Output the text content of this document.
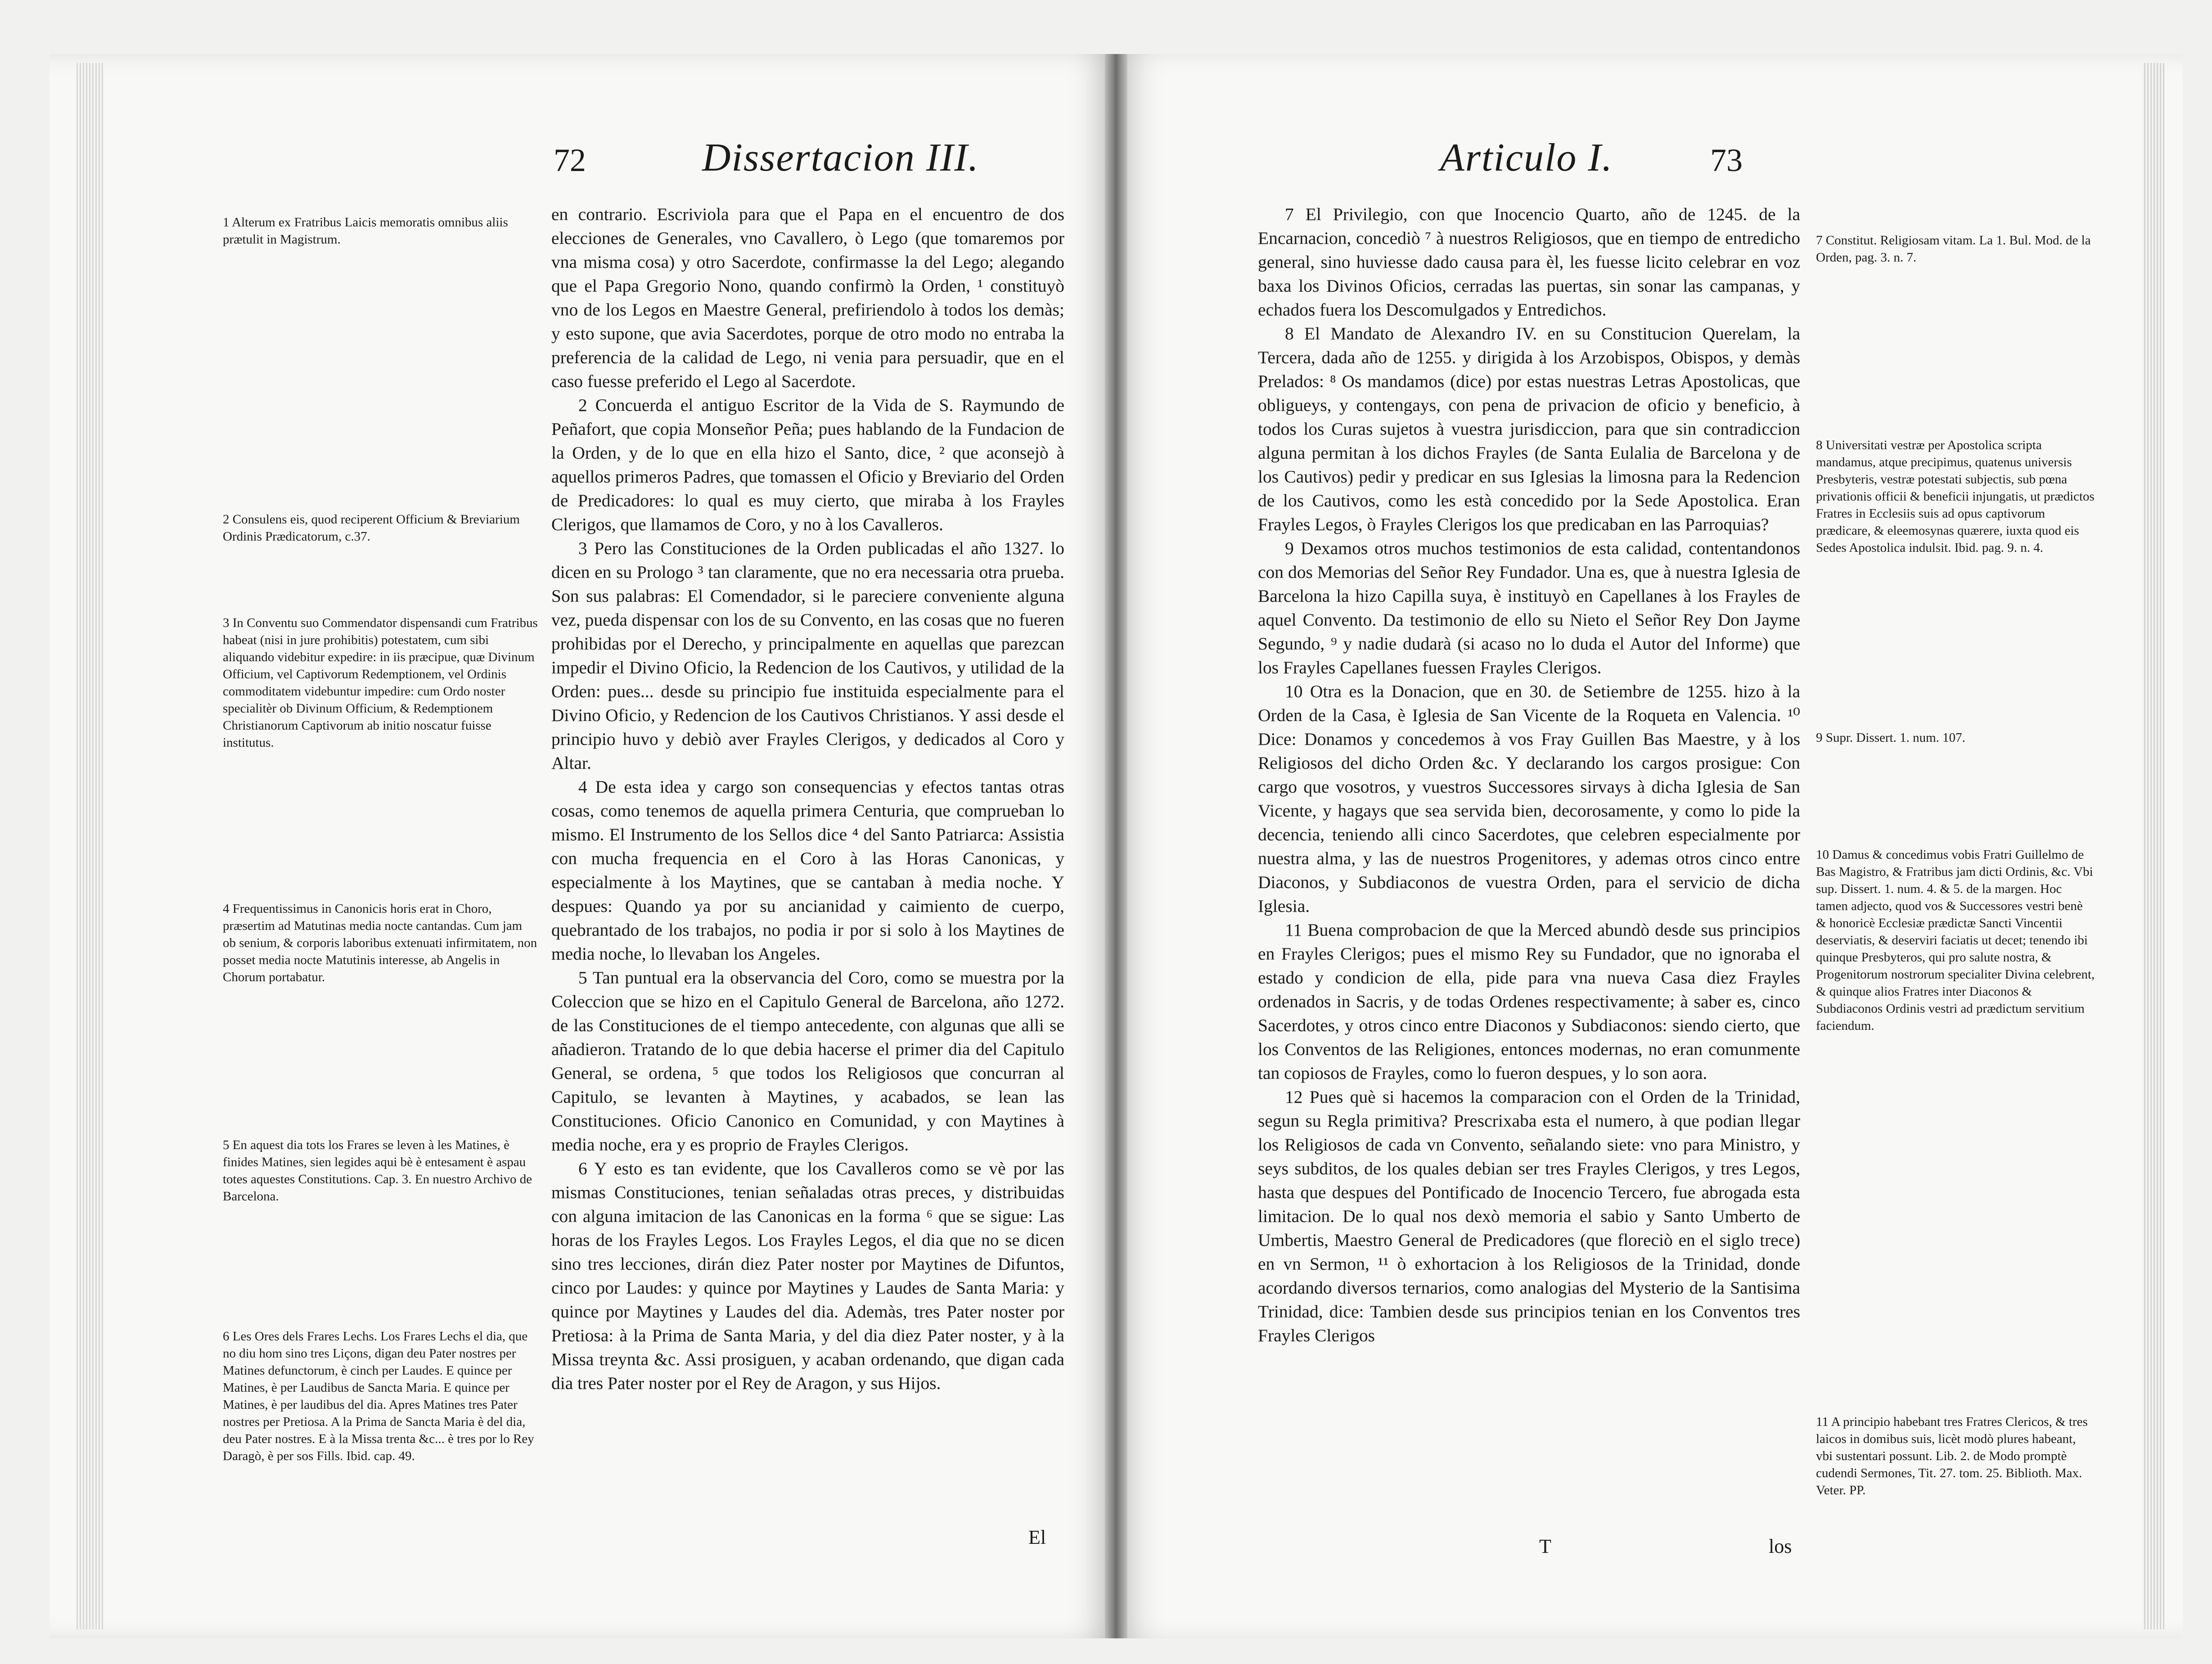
72	Dissertacion III.

en contrario. Escriviola para que el Papa en el encuentro de dos elecciones de Generales, vno Cavallero, ò Lego (que tomaremos por vna misma cosa) y otro Sacerdote, confirmasse la del Lego; alegando que el Papa Gregorio Nono, quando confirmò la Orden, ¹ constituyò vno de los Legos en Maestre General, prefiriendolo à todos los demàs; y esto supone, que avia Sacerdotes, porque de otro modo no entraba la preferencia de la calidad de Lego, ni venia para persuadir, que en el caso fuesse preferido el Lego al Sacerdote.

2 Concuerda el antiguo Escritor de la Vida de S. Raymundo de Peñafort, que copia Monseñor Peña; pues hablando de la Fundacion de la Orden, y de lo que en ella hizo el Santo, dice, ² que aconsejò à aquellos primeros Padres, que tomassen el Oficio y Breviario del Orden de Predicadores: lo qual es muy cierto, que miraba à los Frayles Clerigos, que llamamos de Coro, y no à los Cavalleros.

3 Pero las Constituciones de la Orden publicadas el año 1327. lo dicen en su Prologo ³ tan claramente, que no era necessaria otra prueba. Son sus palabras: El Comendador, si le pareciere conveniente alguna vez, pueda dispensar con los de su Convento, en las cosas que no fueren prohibidas por el Derecho, y principalmente en aquellas que parezcan impedir el Divino Oficio, la Redencion de los Cautivos, y utilidad de la Orden: pues... desde su principio fue instituida especialmente para el Divino Oficio, y Redencion de los Cautivos Christianos. Y assi desde el principio huvo y debiò aver Frayles Clerigos, y dedicados al Coro y Altar.

4 De esta idea y cargo son consequencias y efectos tantas otras cosas, como tenemos de aquella primera Centuria, que comprueban lo mismo. El Instrumento de los Sellos dice ⁴ del Santo Patriarca: Assistia con mucha frequencia en el Coro à las Horas Canonicas, y especialmente à los Maytines, que se cantaban à media noche. Y despues: Quando ya por su ancianidad y caimiento de cuerpo, quebrantado de los trabajos, no podia ir por si solo à los Maytines de media noche, lo llevaban los Angeles.

5 Tan puntual era la observancia del Coro, como se muestra por la Coleccion que se hizo en el Capitulo General de Barcelona, año 1272. de las Constituciones de el tiempo antecedente, con algunas que alli se añadieron. Tratando de lo que debia hacerse el primer dia del Capitulo General, se ordena, ⁵ que todos los Religiosos que concurran al Capitulo, se levanten à Maytines, y acabados, se lean las Constituciones. Oficio Canonico en Comunidad, y con Maytines à media noche, era y es proprio de Frayles Clerigos.

6 Y esto es tan evidente, que los Cavalleros como se vè por las mismas Constituciones, tenian señaladas otras preces, y distribuidas con alguna imitacion de las Canonicas en la forma ⁶ que se sigue: Las horas de los Frayles Legos. Los Frayles Legos, el dia que no se dicen sino tres lecciones, dirán diez Pater noster por Maytines de Difuntos, cinco por Laudes: y quince por Maytines y Laudes de Santa Maria: y quince por Maytines y Laudes del dia. Ademàs, tres Pater noster por Pretiosa: à la Prima de Santa Maria, y del dia diez Pater noster, y à la Missa treynta &c. Assi prosiguen, y acaban ordenando, que digan cada dia tres Pater noster por el Rey de Aragon, y sus Hijos.

El

1 Alterum ex Fratribus Laicis memoratis omnibus aliis prætulit in Magistrum.

2 Consulens eis, quod reciperent Officium & Breviarium Ordinis Prædicatorum, c.37.

3 In Conventu suo Commendator dispensandi cum Fratribus habeat (nisi in jure prohibitis) potestatem, cum sibi aliquando videbitur expedire: in iis præcipue, quæ Divinum Officium, vel Captivorum Redemptionem, vel Ordinis commoditatem videbuntur impedire: cum Ordo noster specialitèr ob Divinum Officium, & Redemptionem Christianorum Captivorum ab initio noscatur fuisse institutus.

4 Frequentissimus in Canonicis horis erat in Choro, præsertim ad Matutinas media nocte cantandas. Cum jam ob senium, & corporis laboribus extenuati infirmitatem, non posset media nocte Matutinis interesse, ab Angelis in Chorum portabatur.

5 En aquest dia tots los Frares se leven à les Matines, è finides Matines, sien legides aqui bè è entesament è aspau totes aquestes Constitutions. Cap. 3. En nuestro Archivo de Barcelona.

6 Les Ores dels Frares Lechs. Los Frares Lechs el dia, que no diu hom sino tres Liçons, digan deu Pater nostres per Matines defunctorum, è cinch per Laudes. E quince per Matines, è per Laudibus de Sancta Maria. E quince per Matines, è per laudibus del dia. Apres Matines tres Pater nostres per Pretiosa. A la Prima de Sancta Maria è del dia, deu Pater nostres. E à la Missa trenta &c... è tres por lo Rey Daragò, è per sos Fills. Ibid. cap. 49.

Articulo I.	73

7 El Privilegio, con que Inocencio Quarto, año de 1245. de la Encarnacion, concediò ⁷ à nuestros Religiosos, que en tiempo de entredicho general, sino huviesse dado causa para èl, les fuesse licito celebrar en voz baxa los Divinos Oficios, cerradas las puertas, sin sonar las campanas, y echados fuera los Descomulgados y Entredichos.

8 El Mandato de Alexandro IV. en su Constitucion Querelam, la Tercera, dada año de 1255. y dirigida à los Arzobispos, Obispos, y demàs Prelados: ⁸ Os mandamos (dice) por estas nuestras Letras Apostolicas, que obligueys, y contengays, con pena de privacion de oficio y beneficio, à todos los Curas sujetos à vuestra jurisdiccion, para que sin contradiccion alguna permitan à los dichos Frayles (de Santa Eulalia de Barcelona y de los Cautivos) pedir y predicar en sus Iglesias la limosna para la Redencion de los Cautivos, como les està concedido por la Sede Apostolica. Eran Frayles Legos, ò Frayles Clerigos los que predicaban en las Parroquias?

9 Dexamos otros muchos testimonios de esta calidad, contentandonos con dos Memorias del Señor Rey Fundador. Una es, que à nuestra Iglesia de Barcelona la hizo Capilla suya, è instituyò en Capellanes à los Frayles de aquel Convento. Da testimonio de ello su Nieto el Señor Rey Don Jayme Segundo, ⁹ y nadie dudarà (si acaso no lo duda el Autor del Informe) que los Frayles Capellanes fuessen Frayles Clerigos.

10 Otra es la Donacion, que en 30. de Setiembre de 1255. hizo à la Orden de la Casa, è Iglesia de San Vicente de la Roqueta en Valencia. ¹⁰ Dice: Donamos y concedemos à vos Fray Guillen Bas Maestre, y à los Religiosos del dicho Orden &c. Y declarando los cargos prosigue: Con cargo que vosotros, y vuestros Successores sirvays à dicha Iglesia de San Vicente, y hagays que sea servida bien, decorosamente, y como lo pide la decencia, teniendo alli cinco Sacerdotes, que celebren especialmente por nuestra alma, y las de nuestros Progenitores, y ademas otros cinco entre Diaconos, y Subdiaconos de vuestra Orden, para el servicio de dicha Iglesia.

11 Buena comprobacion de que la Merced abundò desde sus principios en Frayles Clerigos; pues el mismo Rey su Fundador, que no ignoraba el estado y condicion de ella, pide para vna nueva Casa diez Frayles ordenados in Sacris, y de todas Ordenes respectivamente; à saber es, cinco Sacerdotes, y otros cinco entre Diaconos y Subdiaconos: siendo cierto, que los Conventos de las Religiones, entonces modernas, no eran comunmente tan copiosos de Frayles, como lo fueron despues, y lo son aora.

12 Pues què si hacemos la comparacion con el Orden de la Trinidad, segun su Regla primitiva? Prescrixaba esta el numero, à que podian llegar los Religiosos de cada vn Convento, señalando siete: vno para Ministro, y seys subditos, de los quales debian ser tres Frayles Clerigos, y tres Legos, hasta que despues del Pontificado de Inocencio Tercero, fue abrogada esta limitacion. De lo qual nos dexò memoria el sabio y Santo Umberto de Umbertis, Maestro General de Predicadores (que floreciò en el siglo trece) en vn Sermon, ¹¹ ò exhortacion à los Religiosos de la Trinidad, donde acordando diversos ternarios, como analogias del Mysterio de la Santisima Trinidad, dice: Tambien desde sus principios tenian en los Conventos tres Frayles Clerigos

T	los

7 Constitut. Religiosam vitam. La 1. Bul. Mod. de la Orden, pag. 3. n. 7.

8 Universitati vestræ per Apostolica scripta mandamus, atque precipimus, quatenus universis Presbyteris, vestræ potestati subjectis, sub pœna privationis officii & beneficii injungatis, ut prædictos Fratres in Ecclesiis suis ad opus captivorum prædicare, & eleemosynas quærere, iuxta quod eis Sedes Apostolica indulsit. Ibid. pag. 9. n. 4.

9 Supr. Dissert. 1. num. 107.

10 Damus & concedimus vobis Fratri Guillelmo de Bas Magistro, & Fratribus jam dicti Ordinis, &c. Vbi sup. Dissert. 1. num. 4. & 5. de la margen. Hoc tamen adjecto, quod vos & Successores vestri benè & honoricè Ecclesiæ prædictæ Sancti Vincentii deserviatis, & deserviri faciatis ut decet; tenendo ibi quinque Presbyteros, qui pro salute nostra, & Progenitorum nostrorum specialiter Divina celebrent, & quinque alios Fratres inter Diaconos & Subdiaconos Ordinis vestri ad prædictum servitium faciendum.

11 A principio habebant tres Fratres Clericos, & tres laicos in domibus suis, licèt modò plures habeant, vbi sustentari possunt. Lib. 2. de Modo promptè cudendi Sermones, Tit. 27. tom. 25. Biblioth. Max. Veter. PP.
